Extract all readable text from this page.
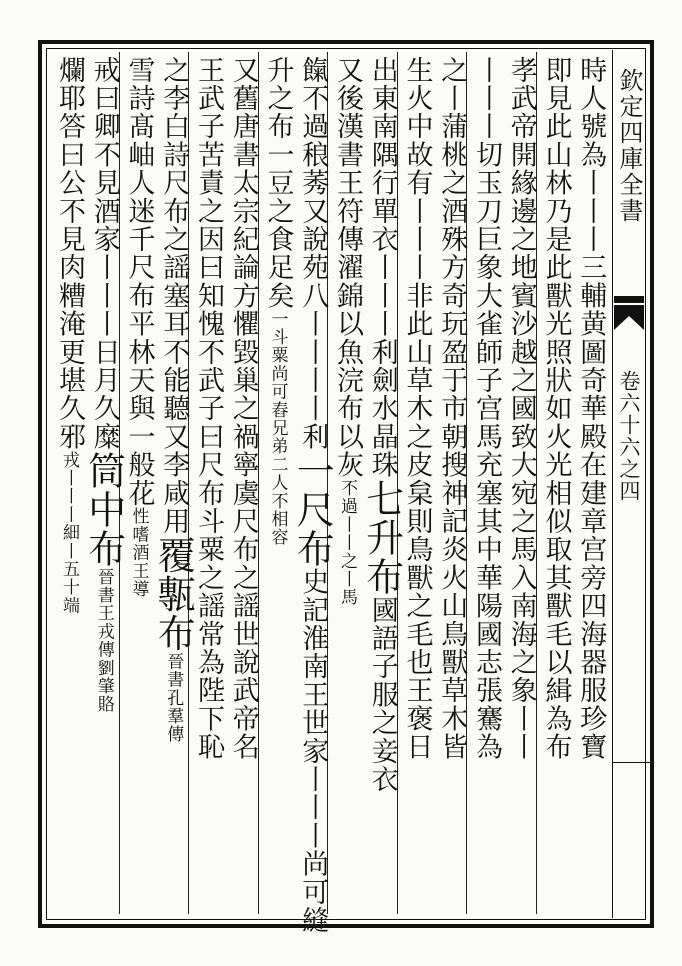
欽定四庫全書
卷六十六之四
時人號為丨丨丨三輔黄圖奇華殿在建章宫旁四海器服珍寶
即見此山林乃是此獸光照狀如火光相似取其獸毛以緝為布
孝武帝開緣邊之地賓沙越之國致大宛之馬入南海之象丨丨
丨丨丨切玉刀巨象大雀師子宫馬充塞其中華陽國志張騫為
之丨蒲桃之酒殊方奇玩盈于市朝搜神記炎火山鳥獸草木皆
生火中故有丨丨丨非此山草木之皮枲則鳥獸之毛也王褒日
出東南隅行單衣丨丨丨利劍水晶珠七升布國語子服之妾衣
又後漢書王符傳濯錦以魚浣布以灰不過丨丨之丨馬
餼不過稂莠又說苑八丨丨丨丨利一尺布史記淮南王世家丨丨丨尚可縫
升之布一豆之食足矣一斗粟尚可舂兄弟二人不相容
又舊唐書太宗紀論方懼毀巢之禍寧虞尺布之謡世說武帝名
王武子苦責之因曰知愧不武子曰尺布斗粟之謡常為陛下恥
之李白詩尺布之謡塞耳不能聽又李咸用覆甎布晉書孔羣傳
雪詩髙岫人迷千尺布平林天與一般花性嗜酒王導
戒曰卿不見酒家丨丨丨日月久糜筒中布晉書王戎傳劉肇賂
爛耶答曰公不見肉糟淹更堪久邪戎丨丨丨細丨五十端
